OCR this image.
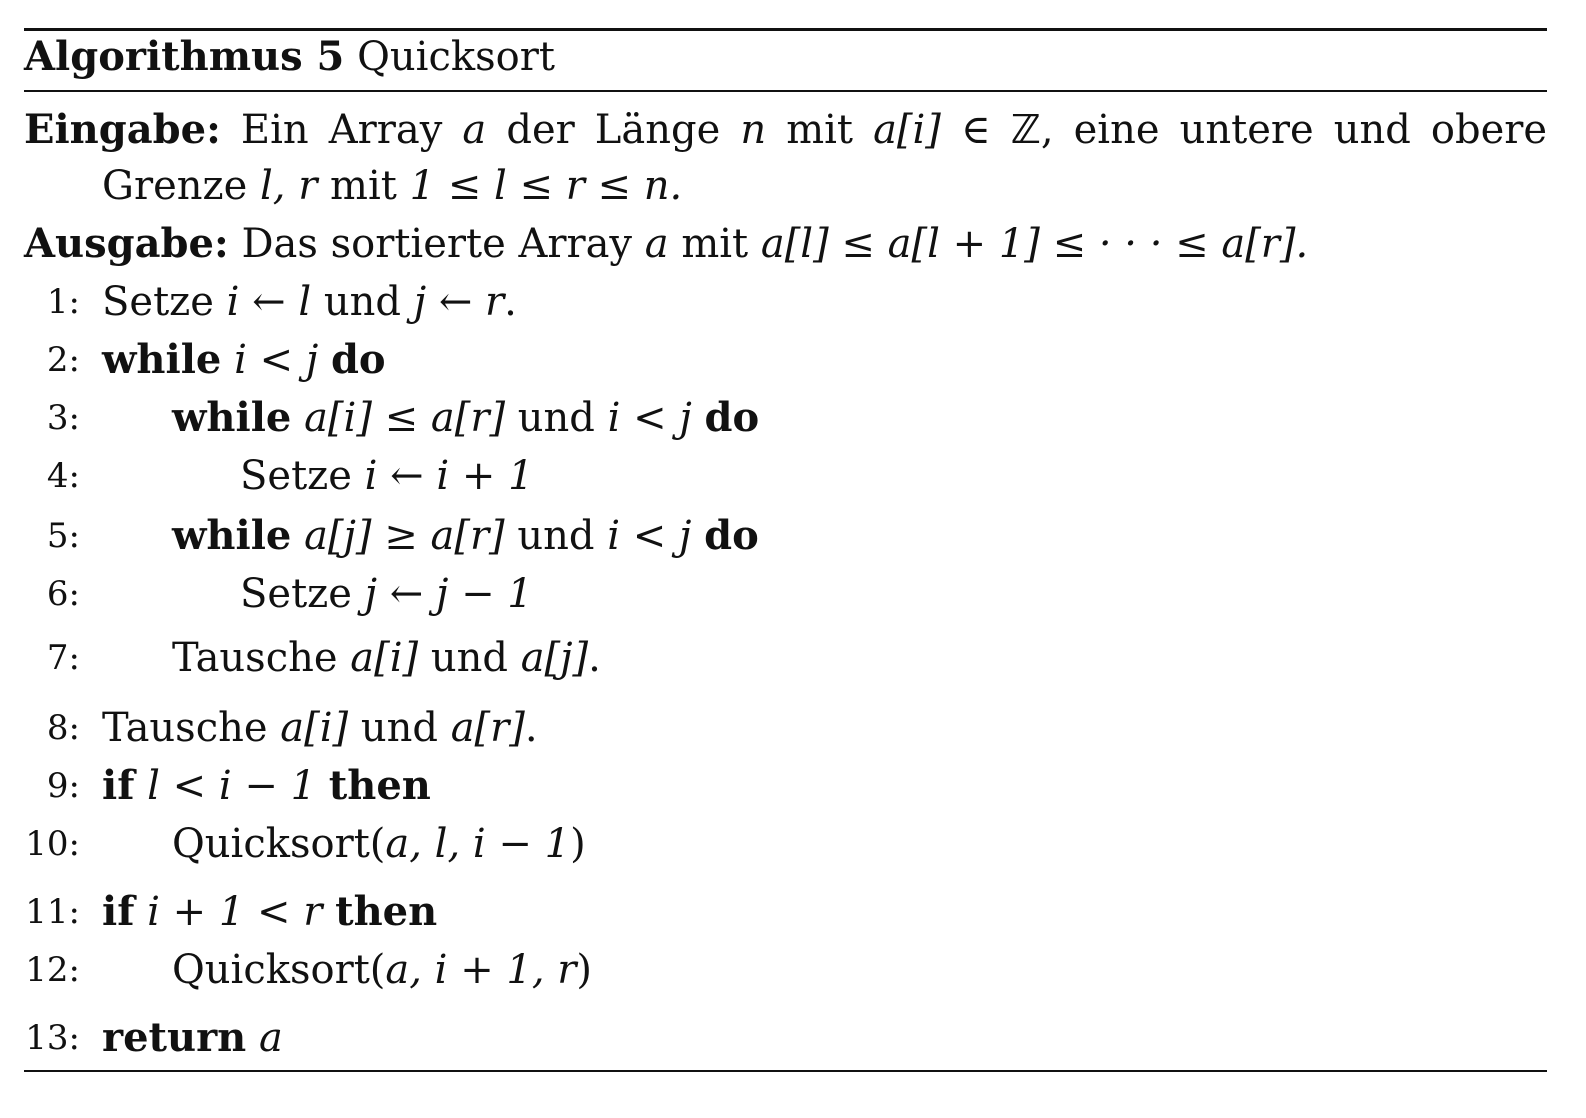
Algorithmus 5 Quicksort
Eingabe: Ein Array a der Länge n mit a[i] ∈ ℤ, eine untere und obere
Grenze l, r mit 1 ≤ l ≤ r ≤ n.
Ausgabe: Das sortierte Array a mit a[l] ≤ a[l + 1] ≤ · · · ≤ a[r].
1: Setze i ← l und j ← r.
2: while i < j do
3: while a[i] ≤ a[r] und i < j do
4:	Setze i ← i + 1
5: while a[j] ≥ a[r] und i < j do
6:	Setze j ← j − 1
7: Tausche a[i] und a[j].
8: Tausche a[i] und a[r].
9: if l < i − 1 then
10: Quicksort(a, l, i − 1)
11: if i + 1 < r then
12: Quicksort(a, i + 1, r)
13: return a
